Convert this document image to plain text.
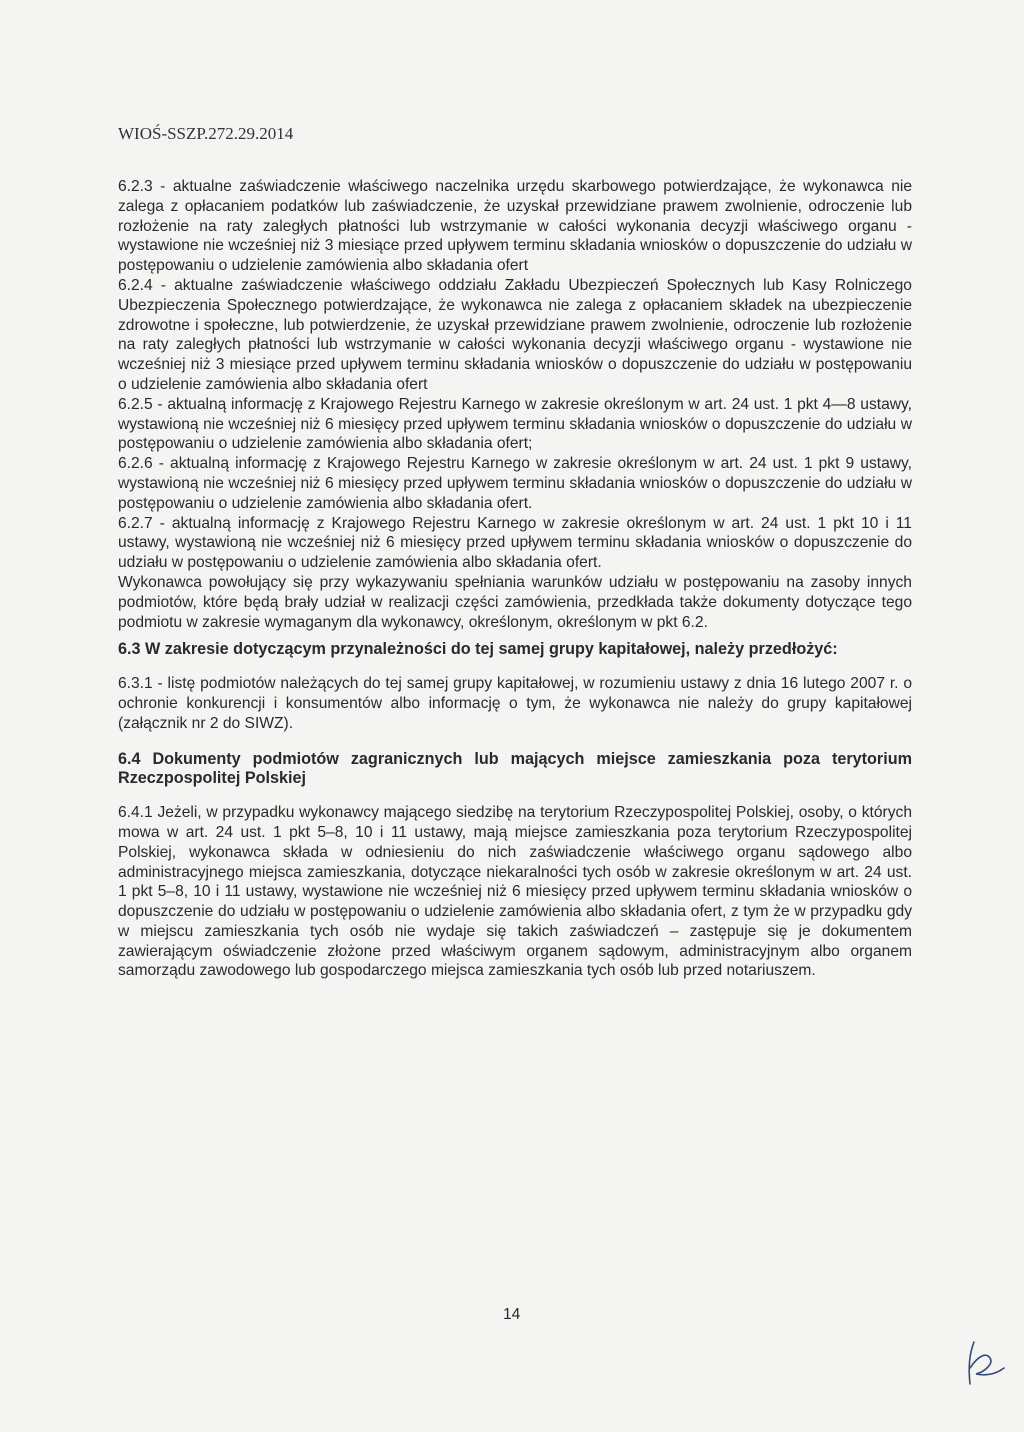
WIOŚ-SSZP.272.29.2014

6.2.3 - aktualne zaświadczenie właściwego naczelnika urzędu skarbowego potwierdzające, że wykonawca nie zalega z opłacaniem podatków lub zaświadczenie, że uzyskał przewidziane prawem zwolnienie, odroczenie lub rozłożenie na raty zaległych płatności lub wstrzymanie w całości wykonania decyzji właściwego organu - wystawione nie wcześniej niż 3 miesiące przed upływem terminu składania wniosków o dopuszczenie do udziału w postępowaniu o udzielenie zamówienia albo składania ofert

6.2.4 - aktualne zaświadczenie właściwego oddziału Zakładu Ubezpieczeń Społecznych lub Kasy Rolniczego Ubezpieczenia Społecznego potwierdzające, że wykonawca nie zalega z opłacaniem składek na ubezpieczenie zdrowotne i społeczne, lub potwierdzenie, że uzyskał przewidziane prawem zwolnienie, odroczenie lub rozłożenie na raty zaległych płatności lub wstrzymanie w całości wykonania decyzji właściwego organu - wystawione nie wcześniej niż 3 miesiące przed upływem terminu składania wniosków o dopuszczenie do udziału w postępowaniu o udzielenie zamówienia albo składania ofert

6.2.5 - aktualną informację z Krajowego Rejestru Karnego w zakresie określonym w art. 24 ust. 1 pkt 4—8 ustawy, wystawioną nie wcześniej niż 6 miesięcy przed upływem terminu składania wniosków o dopuszczenie do udziału w postępowaniu o udzielenie zamówienia albo składania ofert;

6.2.6 - aktualną informację z Krajowego Rejestru Karnego w zakresie określonym w art. 24 ust. 1 pkt 9 ustawy, wystawioną nie wcześniej niż 6 miesięcy przed upływem terminu składania wniosków o dopuszczenie do udziału w postępowaniu o udzielenie zamówienia albo składania ofert.

6.2.7 - aktualną informację z Krajowego Rejestru Karnego w zakresie określonym w art. 24 ust. 1 pkt 10 i 11 ustawy, wystawioną nie wcześniej niż 6 miesięcy przed upływem terminu składania wniosków o dopuszczenie do udziału w postępowaniu o udzielenie zamówienia albo składania ofert.

Wykonawca powołujący się przy wykazywaniu spełniania warunków udziału w postępowaniu na zasoby innych podmiotów, które będą brały udział w realizacji części zamówienia, przedkłada także dokumenty dotyczące tego podmiotu w zakresie wymaganym dla wykonawcy, określonym, określonym w pkt 6.2.

6.3 W zakresie dotyczącym przynależności do tej samej grupy kapitałowej, należy przedłożyć:

6.3.1 - listę podmiotów należących do tej samej grupy kapitałowej, w rozumieniu ustawy z dnia 16 lutego 2007 r. o ochronie konkurencji i konsumentów albo informację o tym, że wykonawca nie należy do grupy kapitałowej (załącznik nr 2 do SIWZ).

6.4 Dokumenty podmiotów zagranicznych lub mających miejsce zamieszkania poza terytorium Rzeczpospolitej Polskiej

6.4.1 Jeżeli, w przypadku wykonawcy mającego siedzibę na terytorium Rzeczypospolitej Polskiej, osoby, o których mowa w art. 24 ust. 1 pkt 5–8, 10 i 11 ustawy, mają miejsce zamieszkania poza terytorium Rzeczypospolitej Polskiej, wykonawca składa w odniesieniu do nich zaświadczenie właściwego organu sądowego albo administracyjnego miejsca zamieszkania, dotyczące niekaralności tych osób w zakresie określonym w art. 24 ust. 1 pkt 5–8, 10 i 11 ustawy, wystawione nie wcześniej niż 6 miesięcy przed upływem terminu składania wniosków o dopuszczenie do udziału w postępowaniu o udzielenie zamówienia albo składania ofert, z tym że w przypadku gdy w miejscu zamieszkania tych osób nie wydaje się takich zaświadczeń – zastępuje się je dokumentem zawierającym oświadczenie złożone przed właściwym organem sądowym, administracyjnym albo organem samorządu zawodowego lub gospodarczego miejsca zamieszkania tych osób lub przed notariuszem.

14
